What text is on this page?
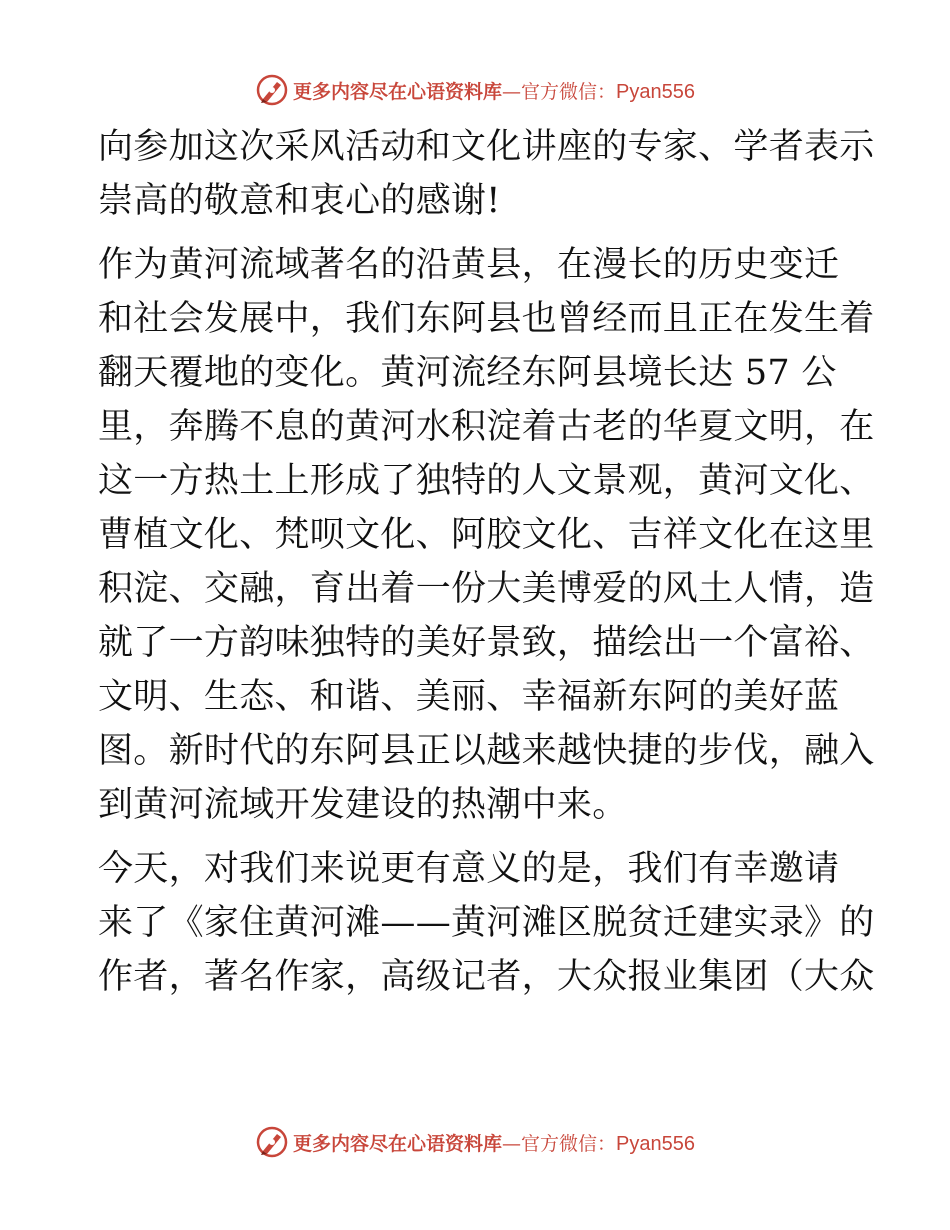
更多内容尽在心语资料库—官方微信：Pyan556

向参加这次采风活动和文化讲座的专家、学者表示
崇高的敬意和衷心的感谢!

作为黄河流域著名的沿黄县，在漫长的历史变迁
和社会发展中，我们东阿县也曾经而且正在发生着
翻天覆地的变化。黄河流经东阿县境长达 57 公
里，奔腾不息的黄河水积淀着古老的华夏文明，在
这一方热土上形成了独特的人文景观，黄河文化、
曹植文化、梵呗文化、阿胶文化、吉祥文化在这里
积淀、交融，育出着一份大美博爱的风土人情，造
就了一方韵味独特的美好景致，描绘出一个富裕、
文明、生态、和谐、美丽、幸福新东阿的美好蓝
图。新时代的东阿县正以越来越快捷的步伐，融入
到黄河流域开发建设的热潮中来。

今天，对我们来说更有意义的是，我们有幸邀请
来了《家住黄河滩——黄河滩区脱贫迁建实录》的
作者，著名作家，高级记者，大众报业集团（大众

更多内容尽在心语资料库—官方微信：Pyan556
